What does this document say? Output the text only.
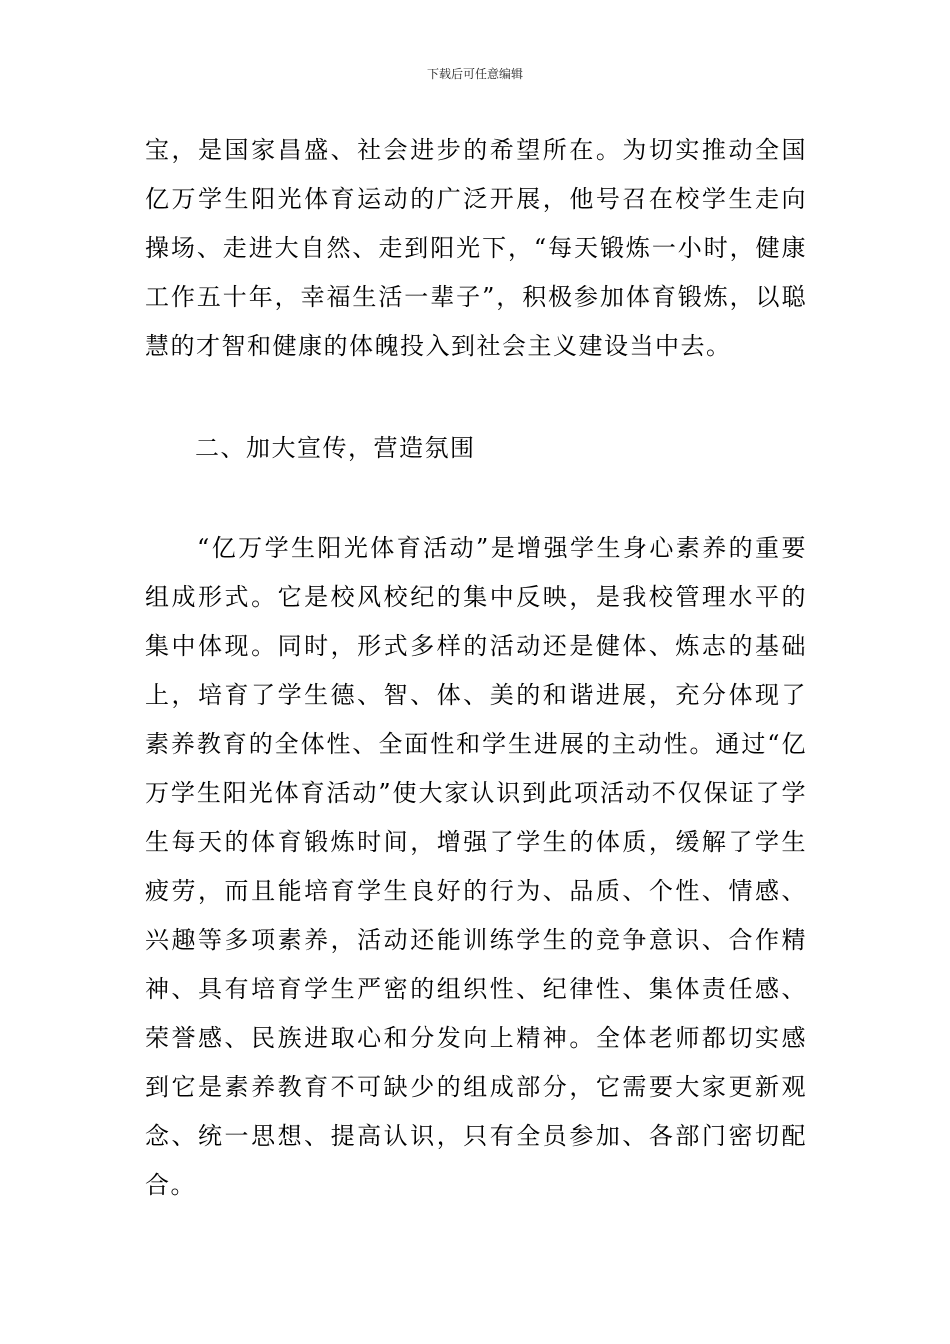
下载后可任意编辑

宝，是国家昌盛、社会进步的希望所在。为切实推动全国亿万学生阳光体育运动的广泛开展，他号召在校学生走向操场、走进大自然、走到阳光下，“每天锻炼一小时，健康工作五十年，幸福生活一辈子”，积极参加体育锻炼，以聪慧的才智和健康的体魄投入到社会主义建设当中去。

二、加大宣传，营造氛围

“亿万学生阳光体育活动”是增强学生身心素养的重要组成形式。它是校风校纪的集中反映，是我校管理水平的集中体现。同时，形式多样的活动还是健体、炼志的基础上，培育了学生德、智、体、美的和谐进展，充分体现了素养教育的全体性、全面性和学生进展的主动性。通过“亿万学生阳光体育活动”使大家认识到此项活动不仅保证了学生每天的体育锻炼时间，增强了学生的体质，缓解了学生疲劳，而且能培育学生良好的行为、品质、个性、情感、兴趣等多项素养，活动还能训练学生的竞争意识、合作精神、具有培育学生严密的组织性、纪律性、集体责任感、荣誉感、民族进取心和分发向上精神。全体老师都切实感到它是素养教育不可缺少的组成部分，它需要大家更新观念、统一思想、提高认识，只有全员参加、各部门密切配合。
